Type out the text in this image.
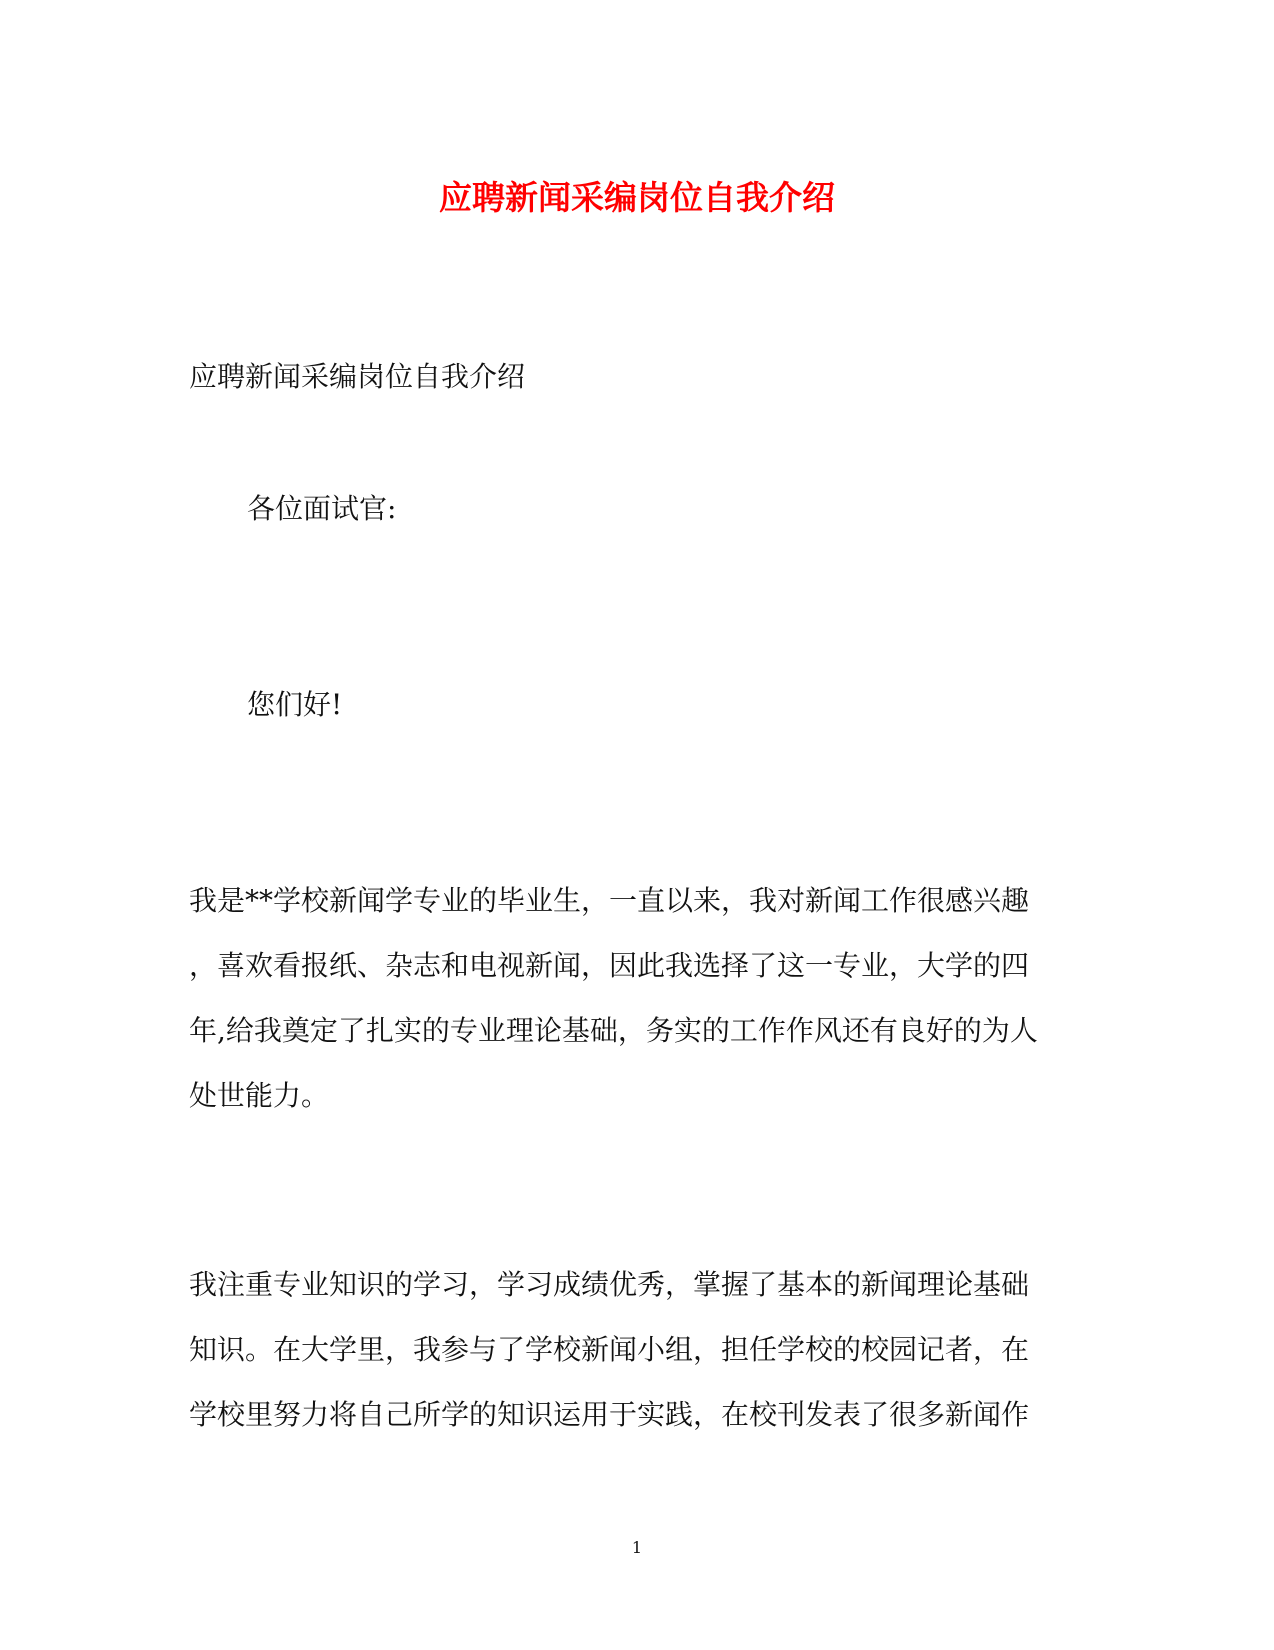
应聘新闻采编岗位自我介绍
应聘新闻采编岗位自我介绍
各位面试官:
您们好!
我是**学校新闻学专业的毕业生，一直以来，我对新闻工作很感兴趣
，喜欢看报纸、杂志和电视新闻，因此我选择了这一专业，大学的四
年,给我奠定了扎实的专业理论基础，务实的工作作风还有良好的为人
处世能力。
我注重专业知识的学习，学习成绩优秀，掌握了基本的新闻理论基础
知识。在大学里，我参与了学校新闻小组，担任学校的校园记者，在
学校里努力将自己所学的知识运用于实践，在校刊发表了很多新闻作
1
